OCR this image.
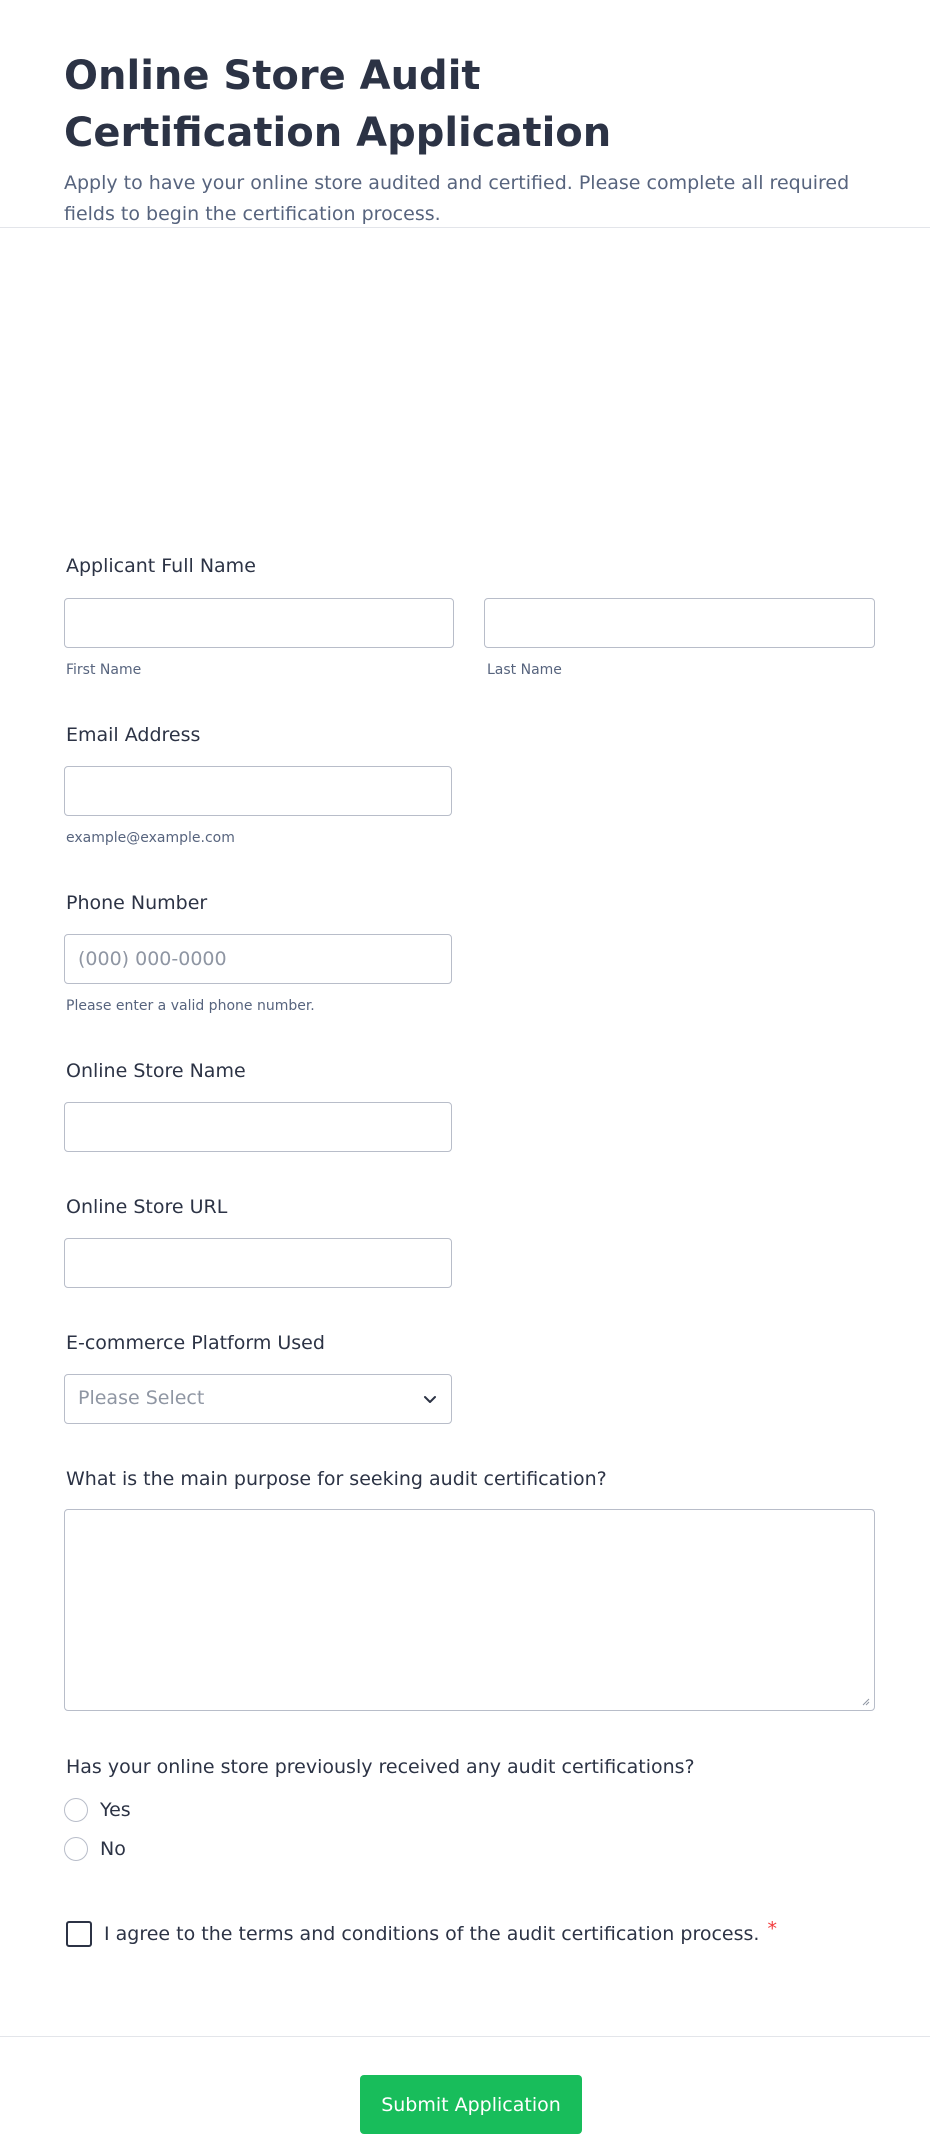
Online Store Audit Certification Application

Apply to have your online store audited and certified. Please complete all required fields to begin the certification process.

Applicant Full Name
First Name	Last Name
Email Address
example@example.com
Phone Number
(000) 000-0000
Please enter a valid phone number.
Online Store Name
Online Store URL
E-commerce Platform Used
Please Select
What is the main purpose for seeking audit certification?
Has your online store previously received any audit certifications?
Yes
No
I agree to the terms and conditions of the audit certification process. *
Submit Application
